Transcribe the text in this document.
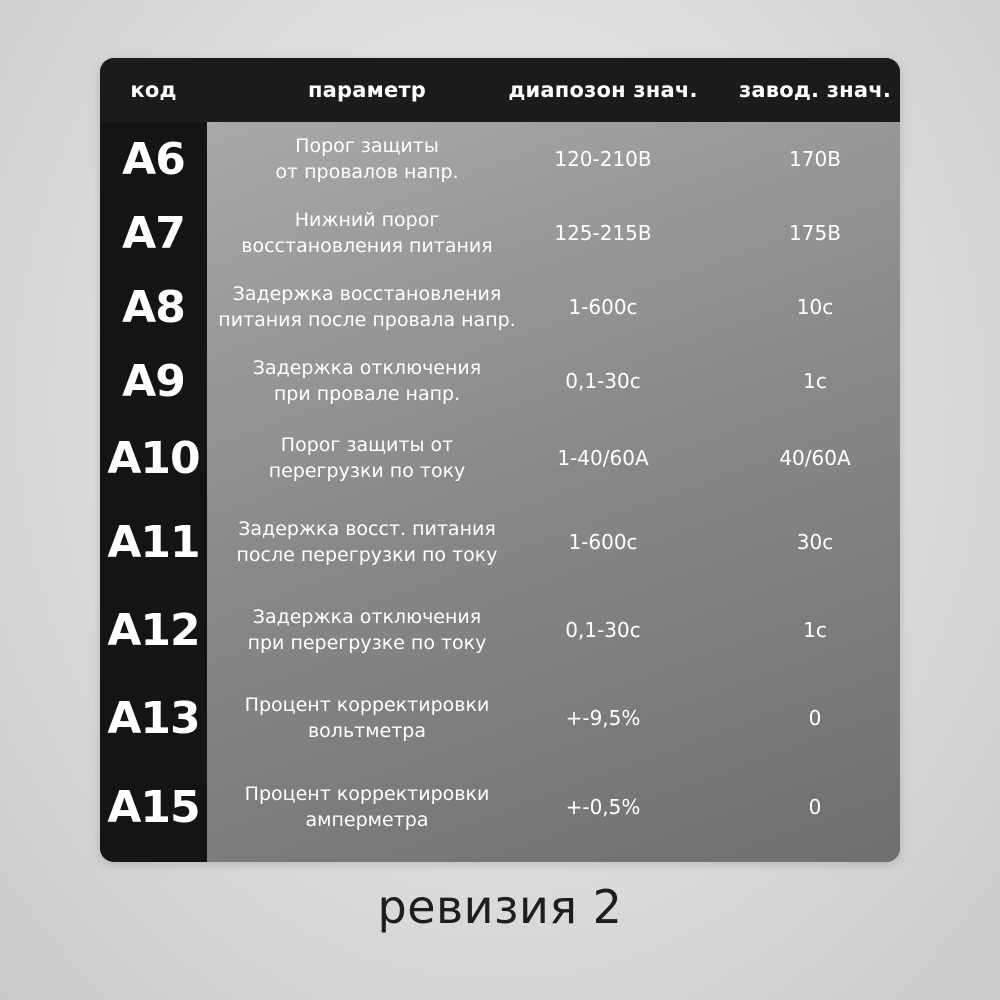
код	параметр	диапозон знач.	завод. знач.
A6	Порог защиты
от провалов напр.
120-210В	170В
A7	Нижний порог
восстановления питания
125-215В	175В
A8	Задержка восстановления
питания после провала напр.
1-600с	10с
A9	Задержка отключения
при провале напр.
0,1-30с	1с
A10	Порог защиты от
перегрузки по току
1-40/60А	40/60А
A11	Задержка восст. питания
после перегрузки по току
1-600с	30с
A12	Задержка отключения
при перегрузке по току
0,1-30с	1с
A13	Процент корректировки
вольтметра
+-9,5%	0
A15	Процент корректировки
амперметра
+-0,5%	0
ревизия 2
